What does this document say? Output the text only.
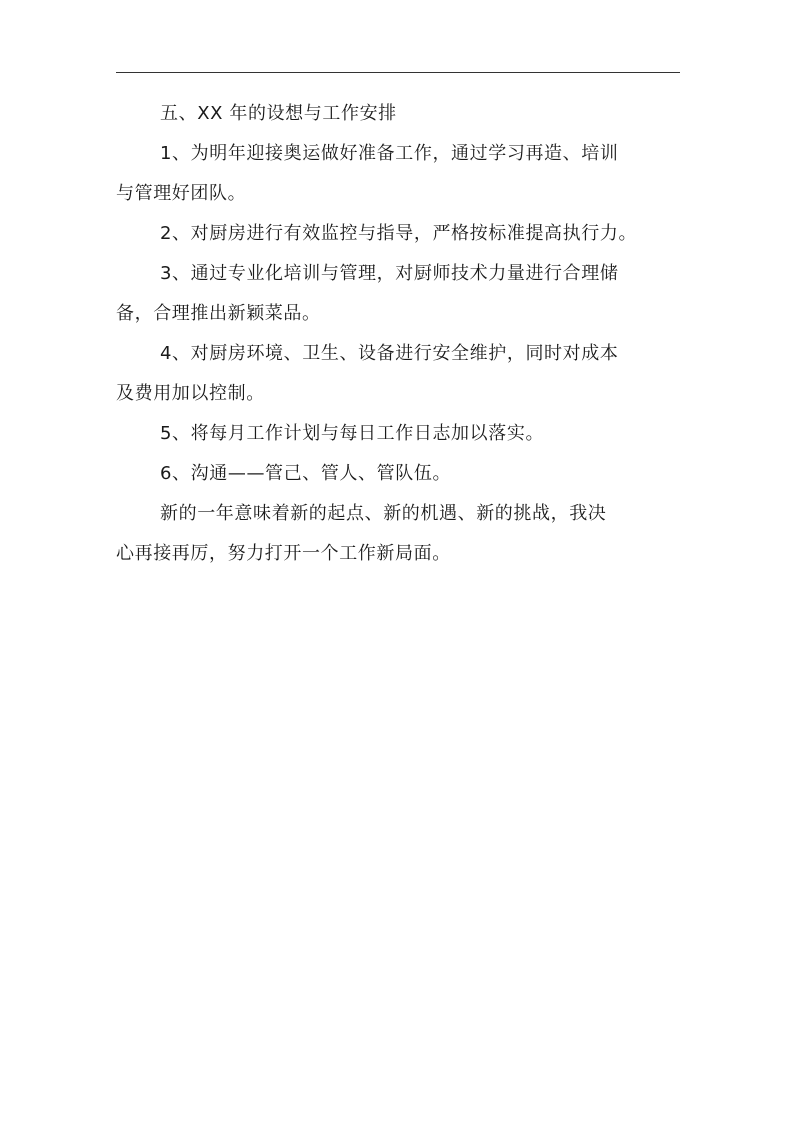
五、XX 年的设想与工作安排
1、为明年迎接奥运做好准备工作，通过学习再造、培训
与管理好团队。
2、对厨房进行有效监控与指导，严格按标准提高执行力。
3、通过专业化培训与管理，对厨师技术力量进行合理储
备，合理推出新颖菜品。
4、对厨房环境、卫生、设备进行安全维护，同时对成本
及费用加以控制。
5、将每月工作计划与每日工作日志加以落实。
6、沟通——管己、管人、管队伍。
新的一年意味着新的起点、新的机遇、新的挑战，我决
心再接再厉，努力打开一个工作新局面。
